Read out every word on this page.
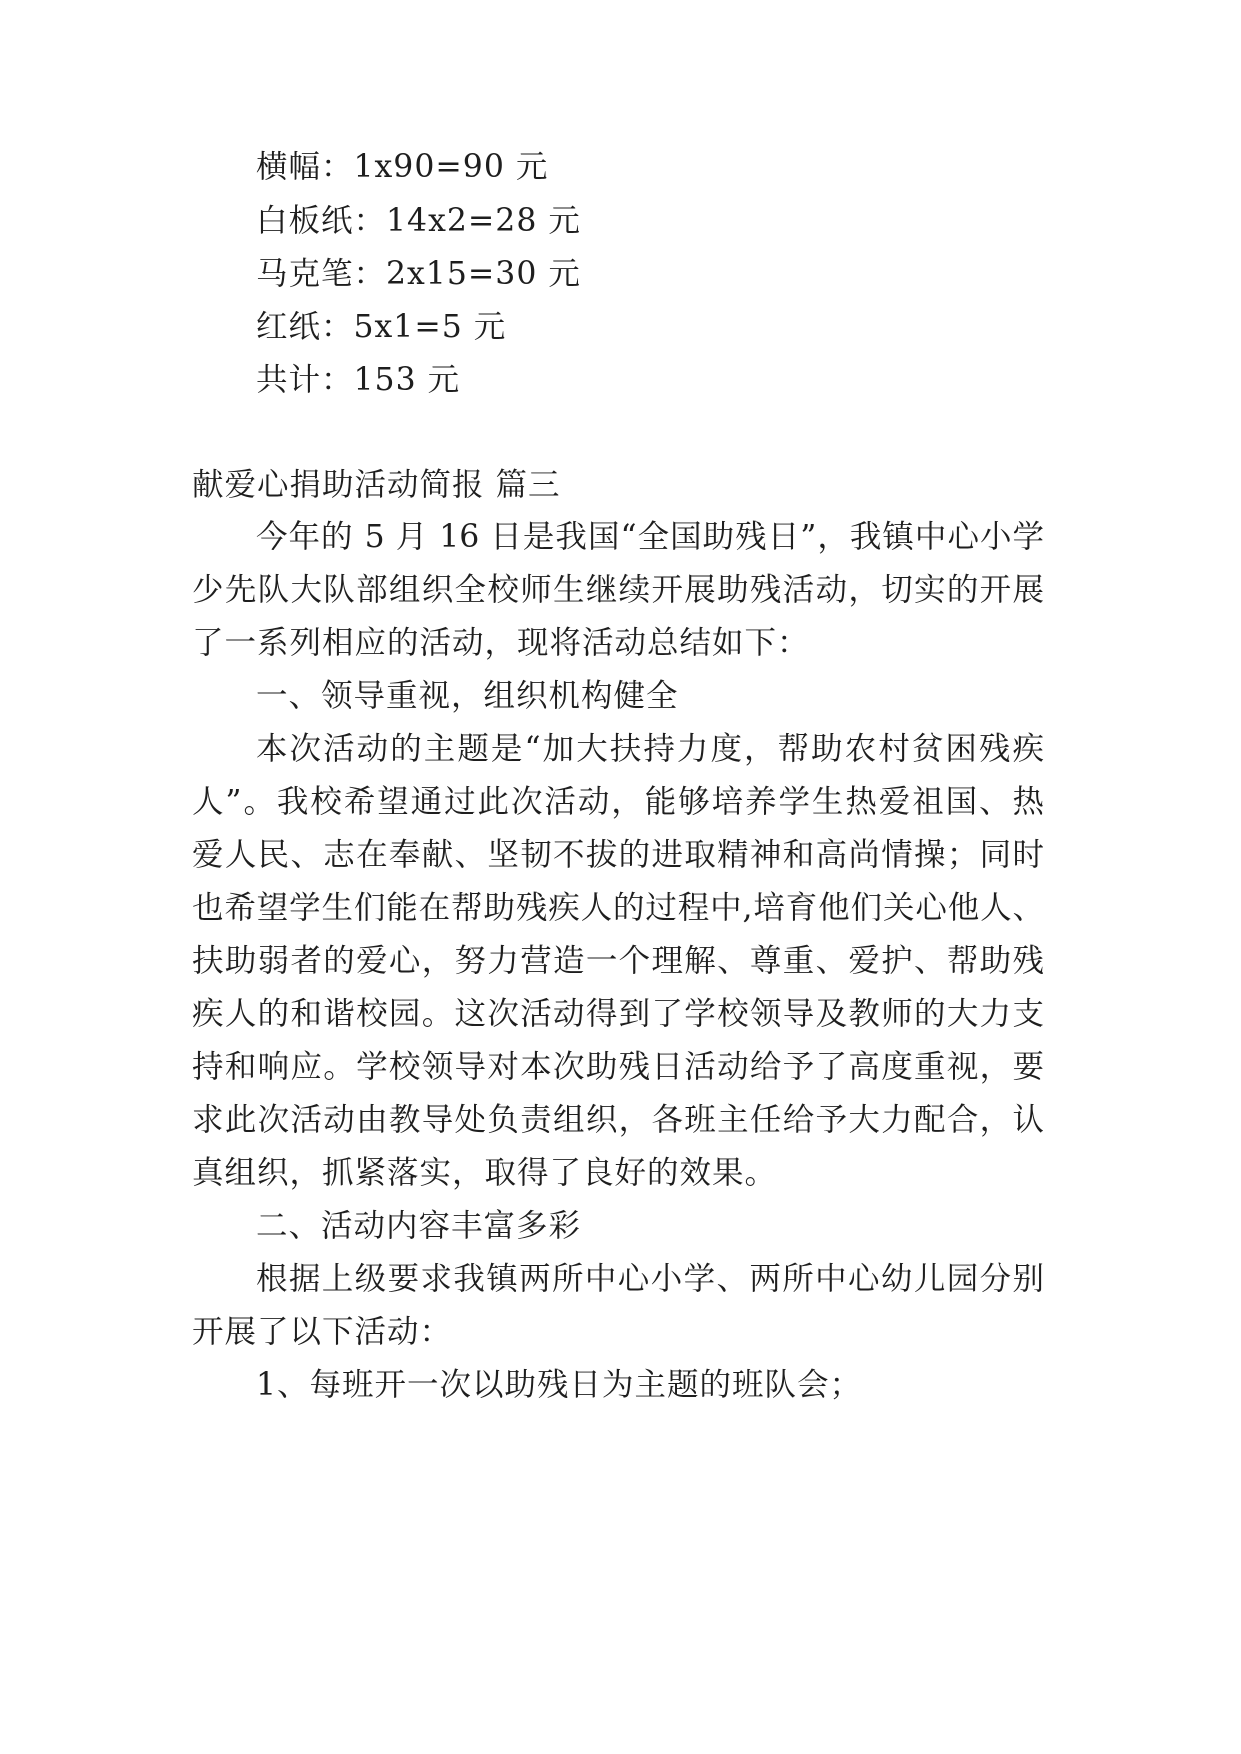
横幅：1x90=90 元
白板纸：14x2=28 元
马克笔：2x15=30 元
红纸：5x1=5 元
共计：153 元
献爱心捐助活动简报 篇三
今年的 5 月 16 日是我国“全国助残日”，我镇中心小学
少先队大队部组织全校师生继续开展助残活动，切实的开展
了一系列相应的活动，现将活动总结如下：
一、领导重视，组织机构健全
本次活动的主题是“加大扶持力度，帮助农村贫困残疾
人”。我校希望通过此次活动，能够培养学生热爱祖国、热
爱人民、志在奉献、坚韧不拔的进取精神和高尚情操；同时
也希望学生们能在帮助残疾人的过程中,培育他们关心他人、
扶助弱者的爱心，努力营造一个理解、尊重、爱护、帮助残
疾人的和谐校园。这次活动得到了学校领导及教师的大力支
持和响应。学校领导对本次助残日活动给予了高度重视，要
求此次活动由教导处负责组织，各班主任给予大力配合，认
真组织，抓紧落实，取得了良好的效果。
二、活动内容丰富多彩
根据上级要求我镇两所中心小学、两所中心幼儿园分别
开展了以下活动：
1、每班开一次以助残日为主题的班队会；
